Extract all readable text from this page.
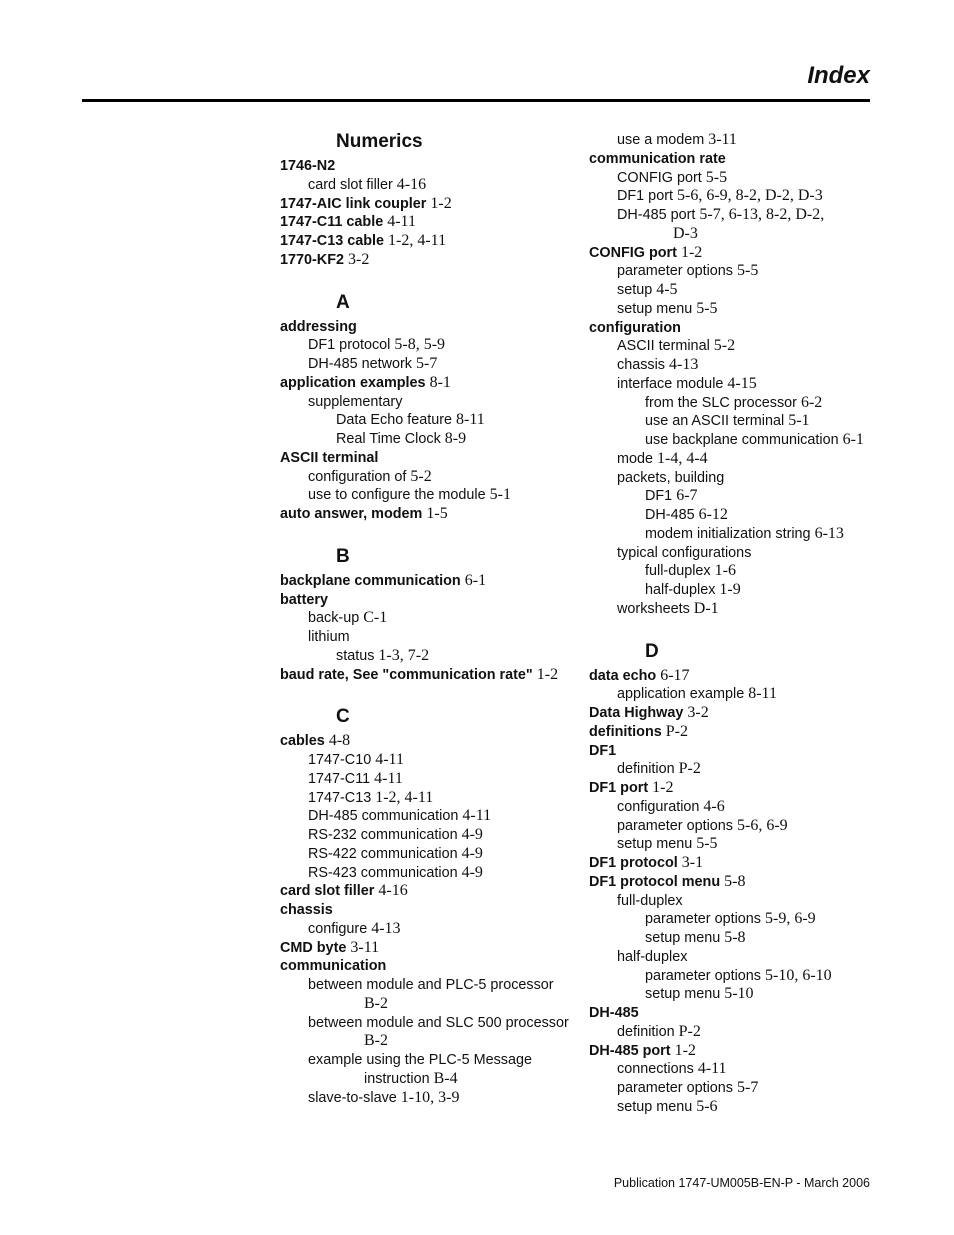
Index
Numerics
1746-N2
card slot filler 4-16
1747-AIC link coupler 1-2
1747-C11 cable 4-11
1747-C13 cable 1-2, 4-11
1770-KF2 3-2
A
addressing
DF1 protocol 5-8, 5-9
DH-485 network 5-7
application examples 8-1
supplementary
Data Echo feature 8-11
Real Time Clock 8-9
ASCII terminal
configuration of 5-2
use to configure the module 5-1
auto answer, modem 1-5
B
backplane communication 6-1
battery
back-up C-1
lithium
status 1-3, 7-2
baud rate, See "communication rate" 1-2
C
cables 4-8
1747-C10 4-11
1747-C11 4-11
1747-C13 1-2, 4-11
DH-485 communication 4-11
RS-232 communication 4-9
RS-422 communication 4-9
RS-423 communication 4-9
card slot filler 4-16
chassis
configure 4-13
CMD byte 3-11
communication
between module and PLC-5 processor
B-2
between module and SLC 500 processor
B-2
example using the PLC-5 Message
instruction B-4
slave-to-slave 1-10, 3-9
use a modem 3-11
communication rate
CONFIG port 5-5
DF1 port 5-6, 6-9, 8-2, D-2, D-3
DH-485 port 5-7, 6-13, 8-2, D-2,
D-3
CONFIG port 1-2
parameter options 5-5
setup 4-5
setup menu 5-5
configuration
ASCII terminal 5-2
chassis 4-13
interface module 4-15
from the SLC processor 6-2
use an ASCII terminal 5-1
use backplane communication 6-1
mode 1-4, 4-4
packets, building
DF1 6-7
DH-485 6-12
modem initialization string 6-13
typical configurations
full-duplex 1-6
half-duplex 1-9
worksheets D-1
D
data echo 6-17
application example 8-11
Data Highway 3-2
definitions P-2
DF1
definition P-2
DF1 port 1-2
configuration 4-6
parameter options 5-6, 6-9
setup menu 5-5
DF1 protocol 3-1
DF1 protocol menu 5-8
full-duplex
parameter options 5-9, 6-9
setup menu 5-8
half-duplex
parameter options 5-10, 6-10
setup menu 5-10
DH-485
definition P-2
DH-485 port 1-2
connections 4-11
parameter options 5-7
setup menu 5-6
Publication 1747-UM005B-EN-P - March 2006
